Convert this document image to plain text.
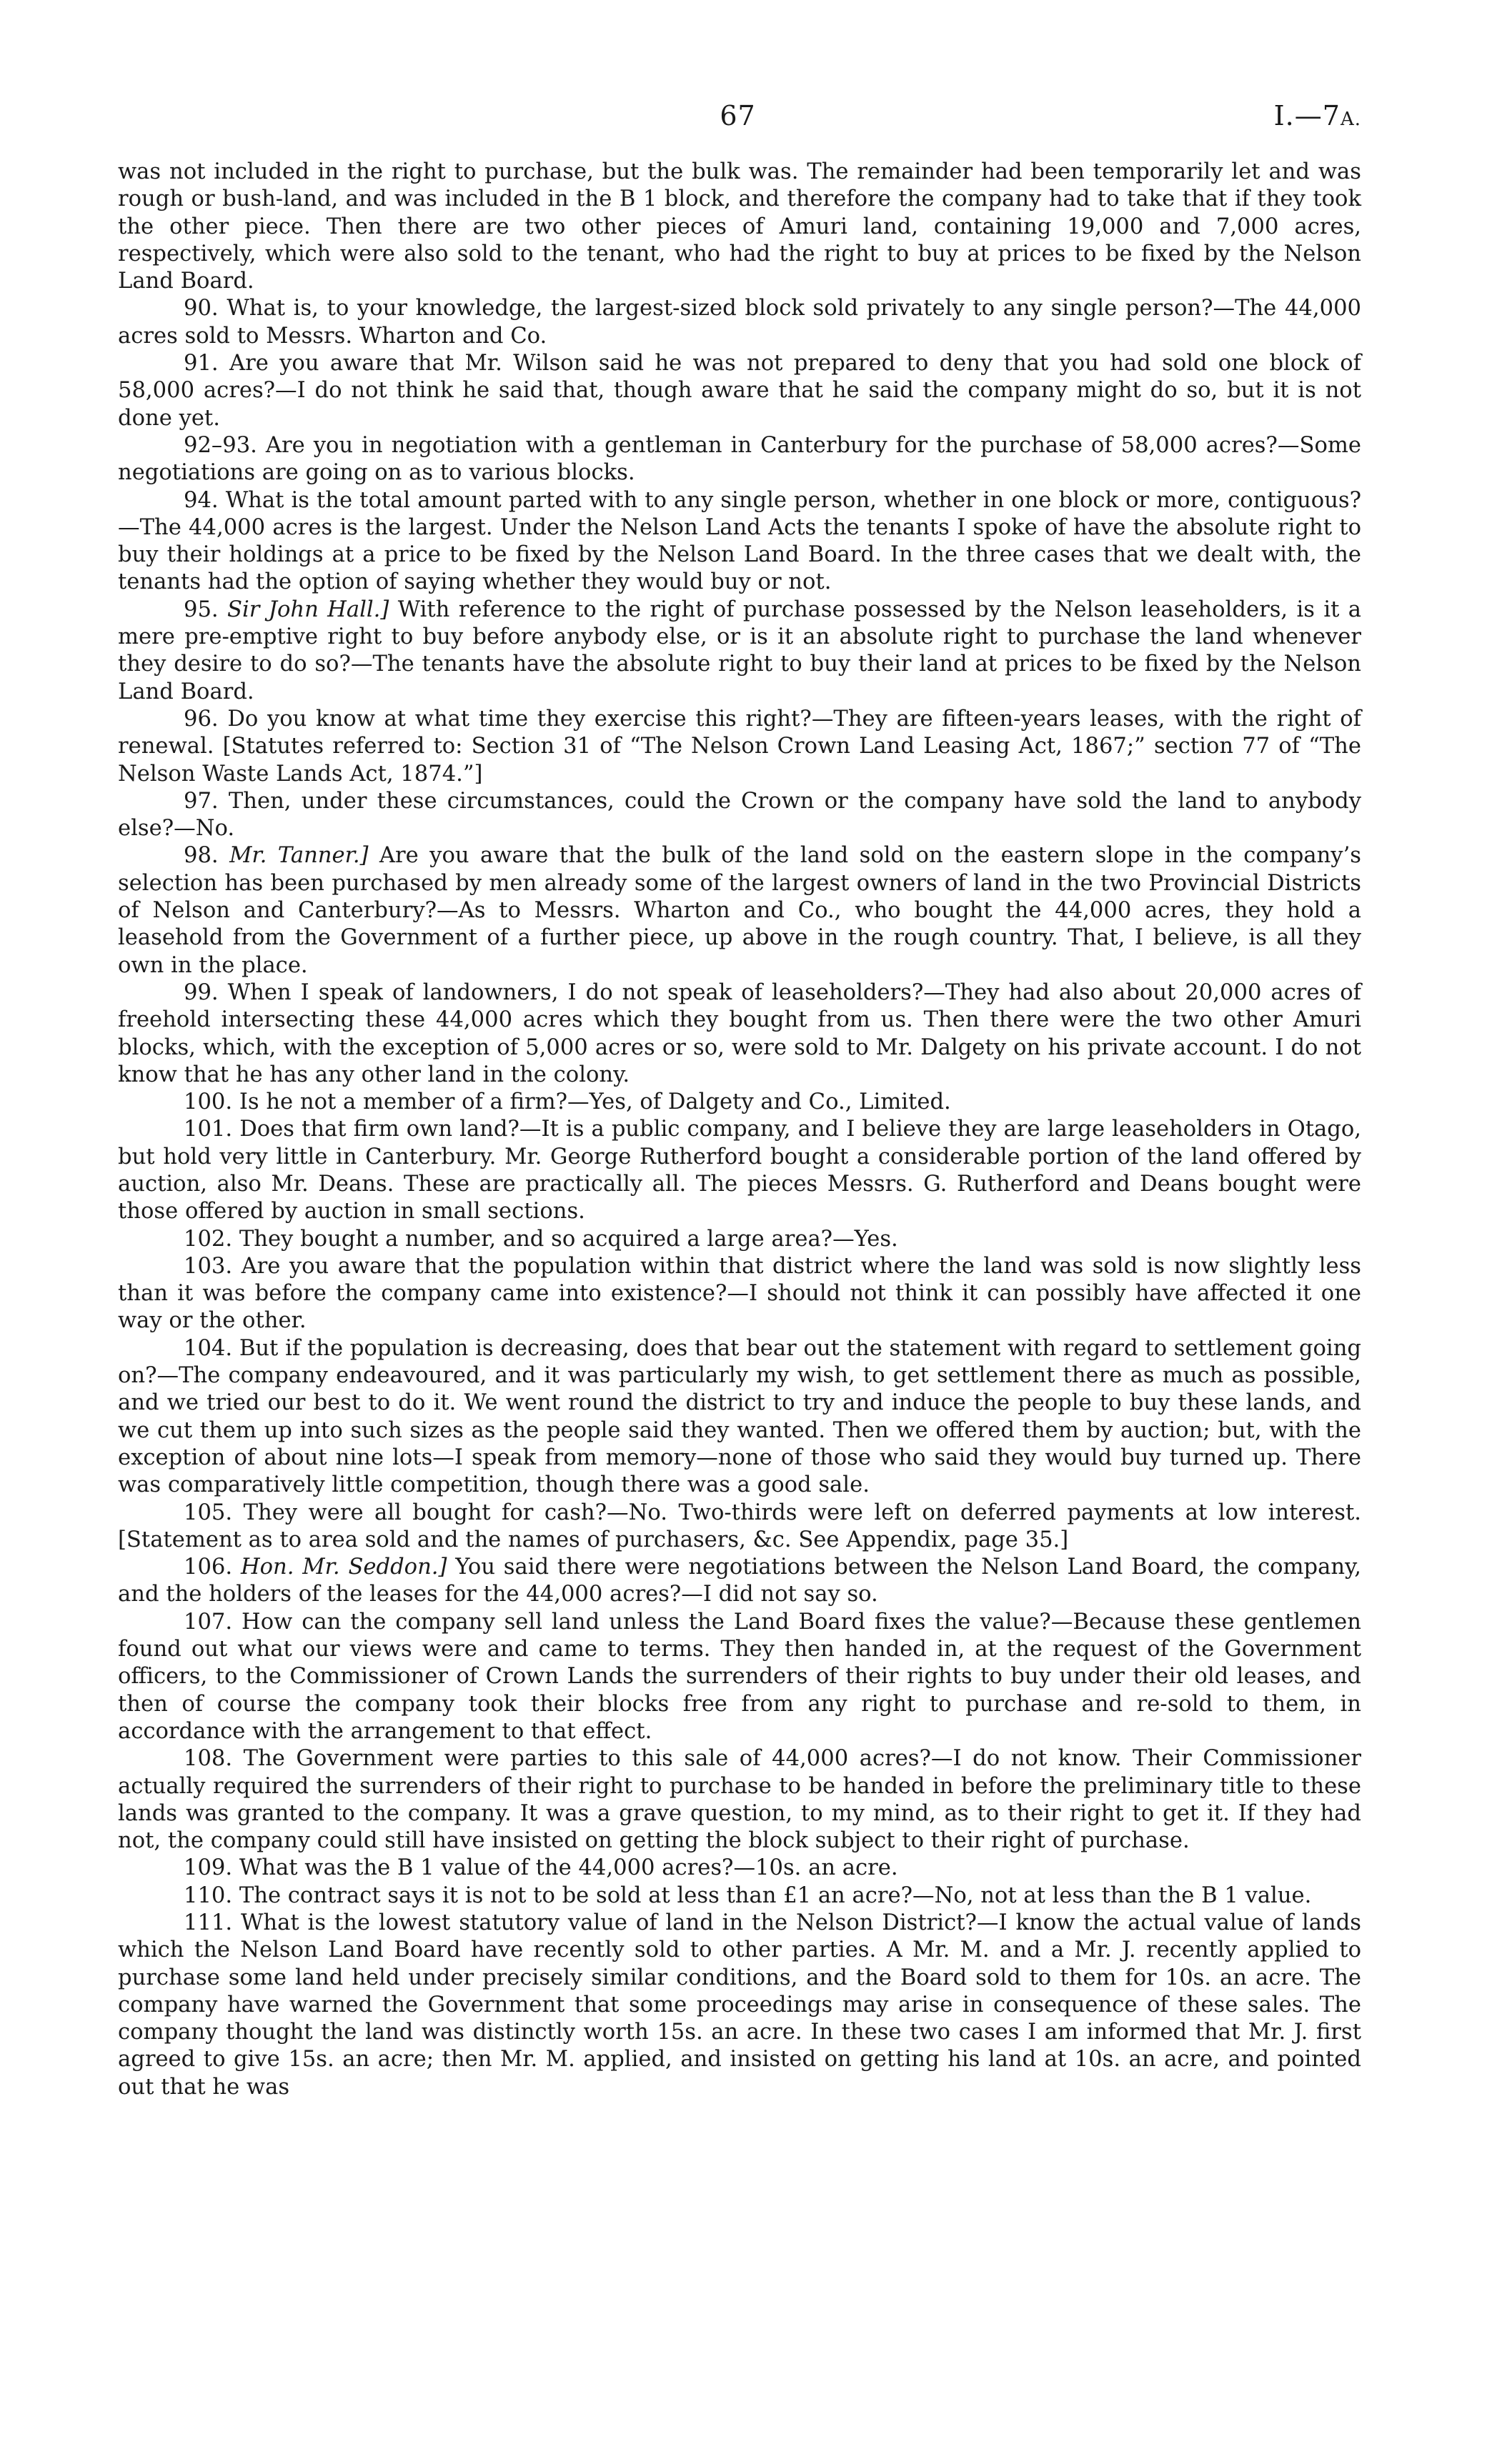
67	I.—7A.

was not included in the right to purchase, but the bulk was. The remainder had been temporarily let and was rough or bush-land, and was included in the B 1 block, and therefore the company had to take that if they took the other piece. Then there are two other pieces of Amuri land, containing 19,000 and 7,000 acres, respectively, which were also sold to the tenant, who had the right to buy at prices to be fixed by the Nelson Land Board.

90. What is, to your knowledge, the largest-sized block sold privately to any single person?—The 44,000 acres sold to Messrs. Wharton and Co.

91. Are you aware that Mr. Wilson said he was not prepared to deny that you had sold one block of 58,000 acres?—I do not think he said that, though aware that he said the company might do so, but it is not done yet.

92–93. Are you in negotiation with a gentleman in Canterbury for the purchase of 58,000 acres?—Some negotiations are going on as to various blocks.

94. What is the total amount parted with to any single person, whether in one block or more, contiguous?—The 44,000 acres is the largest. Under the Nelson Land Acts the tenants I spoke of have the absolute right to buy their holdings at a price to be fixed by the Nelson Land Board. In the three cases that we dealt with, the tenants had the option of saying whether they would buy or not.

95. Sir John Hall.] With reference to the right of purchase possessed by the Nelson leaseholders, is it a mere pre-emptive right to buy before anybody else, or is it an absolute right to purchase the land whenever they desire to do so?—The tenants have the absolute right to buy their land at prices to be fixed by the Nelson Land Board.

96. Do you know at what time they exercise this right?—They are fifteen-years leases, with the right of renewal. [Statutes referred to: Section 31 of “The Nelson Crown Land Leasing Act, 1867;” section 77 of “The Nelson Waste Lands Act, 1874.”]

97. Then, under these circumstances, could the Crown or the company have sold the land to anybody else?—No.

98. Mr. Tanner.] Are you aware that the bulk of the land sold on the eastern slope in the company’s selection has been purchased by men already some of the largest owners of land in the two Provincial Districts of Nelson and Canterbury?—As to Messrs. Wharton and Co., who bought the 44,000 acres, they hold a leasehold from the Government of a further piece, up above in the rough country. That, I believe, is all they own in the place.

99. When I speak of landowners, I do not speak of leaseholders?—They had also about 20,000 acres of freehold intersecting these 44,000 acres which they bought from us. Then there were the two other Amuri blocks, which, with the exception of 5,000 acres or so, were sold to Mr. Dalgety on his private account. I do not know that he has any other land in the colony.

100. Is he not a member of a firm?—Yes, of Dalgety and Co., Limited.

101. Does that firm own land?—It is a public company, and I believe they are large leaseholders in Otago, but hold very little in Canterbury. Mr. George Rutherford bought a considerable portion of the land offered by auction, also Mr. Deans. These are practically all. The pieces Messrs. G. Rutherford and Deans bought were those offered by auction in small sections.

102. They bought a number, and so acquired a large area?—Yes.

103. Are you aware that the population within that district where the land was sold is now slightly less than it was before the company came into existence?—I should not think it can possibly have affected it one way or the other.

104. But if the population is decreasing, does that bear out the statement with regard to settlement going on?—The company endeavoured, and it was particularly my wish, to get settlement there as much as possible, and we tried our best to do it. We went round the district to try and induce the people to buy these lands, and we cut them up into such sizes as the people said they wanted. Then we offered them by auction; but, with the exception of about nine lots—I speak from memory—none of those who said they would buy turned up. There was comparatively little competition, though there was a good sale.

105. They were all bought for cash?—No. Two-thirds were left on deferred payments at low interest. [Statement as to area sold and the names of purchasers, &c. See Appendix, page 35.]

106. Hon. Mr. Seddon.] You said there were negotiations between the Nelson Land Board, the company, and the holders of the leases for the 44,000 acres?—I did not say so.

107. How can the company sell land unless the Land Board fixes the value?—Because these gentlemen found out what our views were and came to terms. They then handed in, at the request of the Government officers, to the Commissioner of Crown Lands the surrenders of their rights to buy under their old leases, and then of course the company took their blocks free from any right to purchase and re-sold to them, in accordance with the arrangement to that effect.

108. The Government were parties to this sale of 44,000 acres?—I do not know. Their Commissioner actually required the surrenders of their right to purchase to be handed in before the preliminary title to these lands was granted to the company. It was a grave question, to my mind, as to their right to get it. If they had not, the company could still have insisted on getting the block subject to their right of purchase.

109. What was the B 1 value of the 44,000 acres?—10s. an acre.

110. The contract says it is not to be sold at less than £1 an acre?—No, not at less than the B 1 value.

111. What is the lowest statutory value of land in the Nelson District?—I know the actual value of lands which the Nelson Land Board have recently sold to other parties. A Mr. M. and a Mr. J. recently applied to purchase some land held under precisely similar conditions, and the Board sold to them for 10s. an acre. The company have warned the Government that some proceedings may arise in consequence of these sales. The company thought the land was distinctly worth 15s. an acre. In these two cases I am informed that Mr. J. first agreed to give 15s. an acre; then Mr. M. applied, and insisted on getting his land at 10s. an acre, and pointed out that he was
